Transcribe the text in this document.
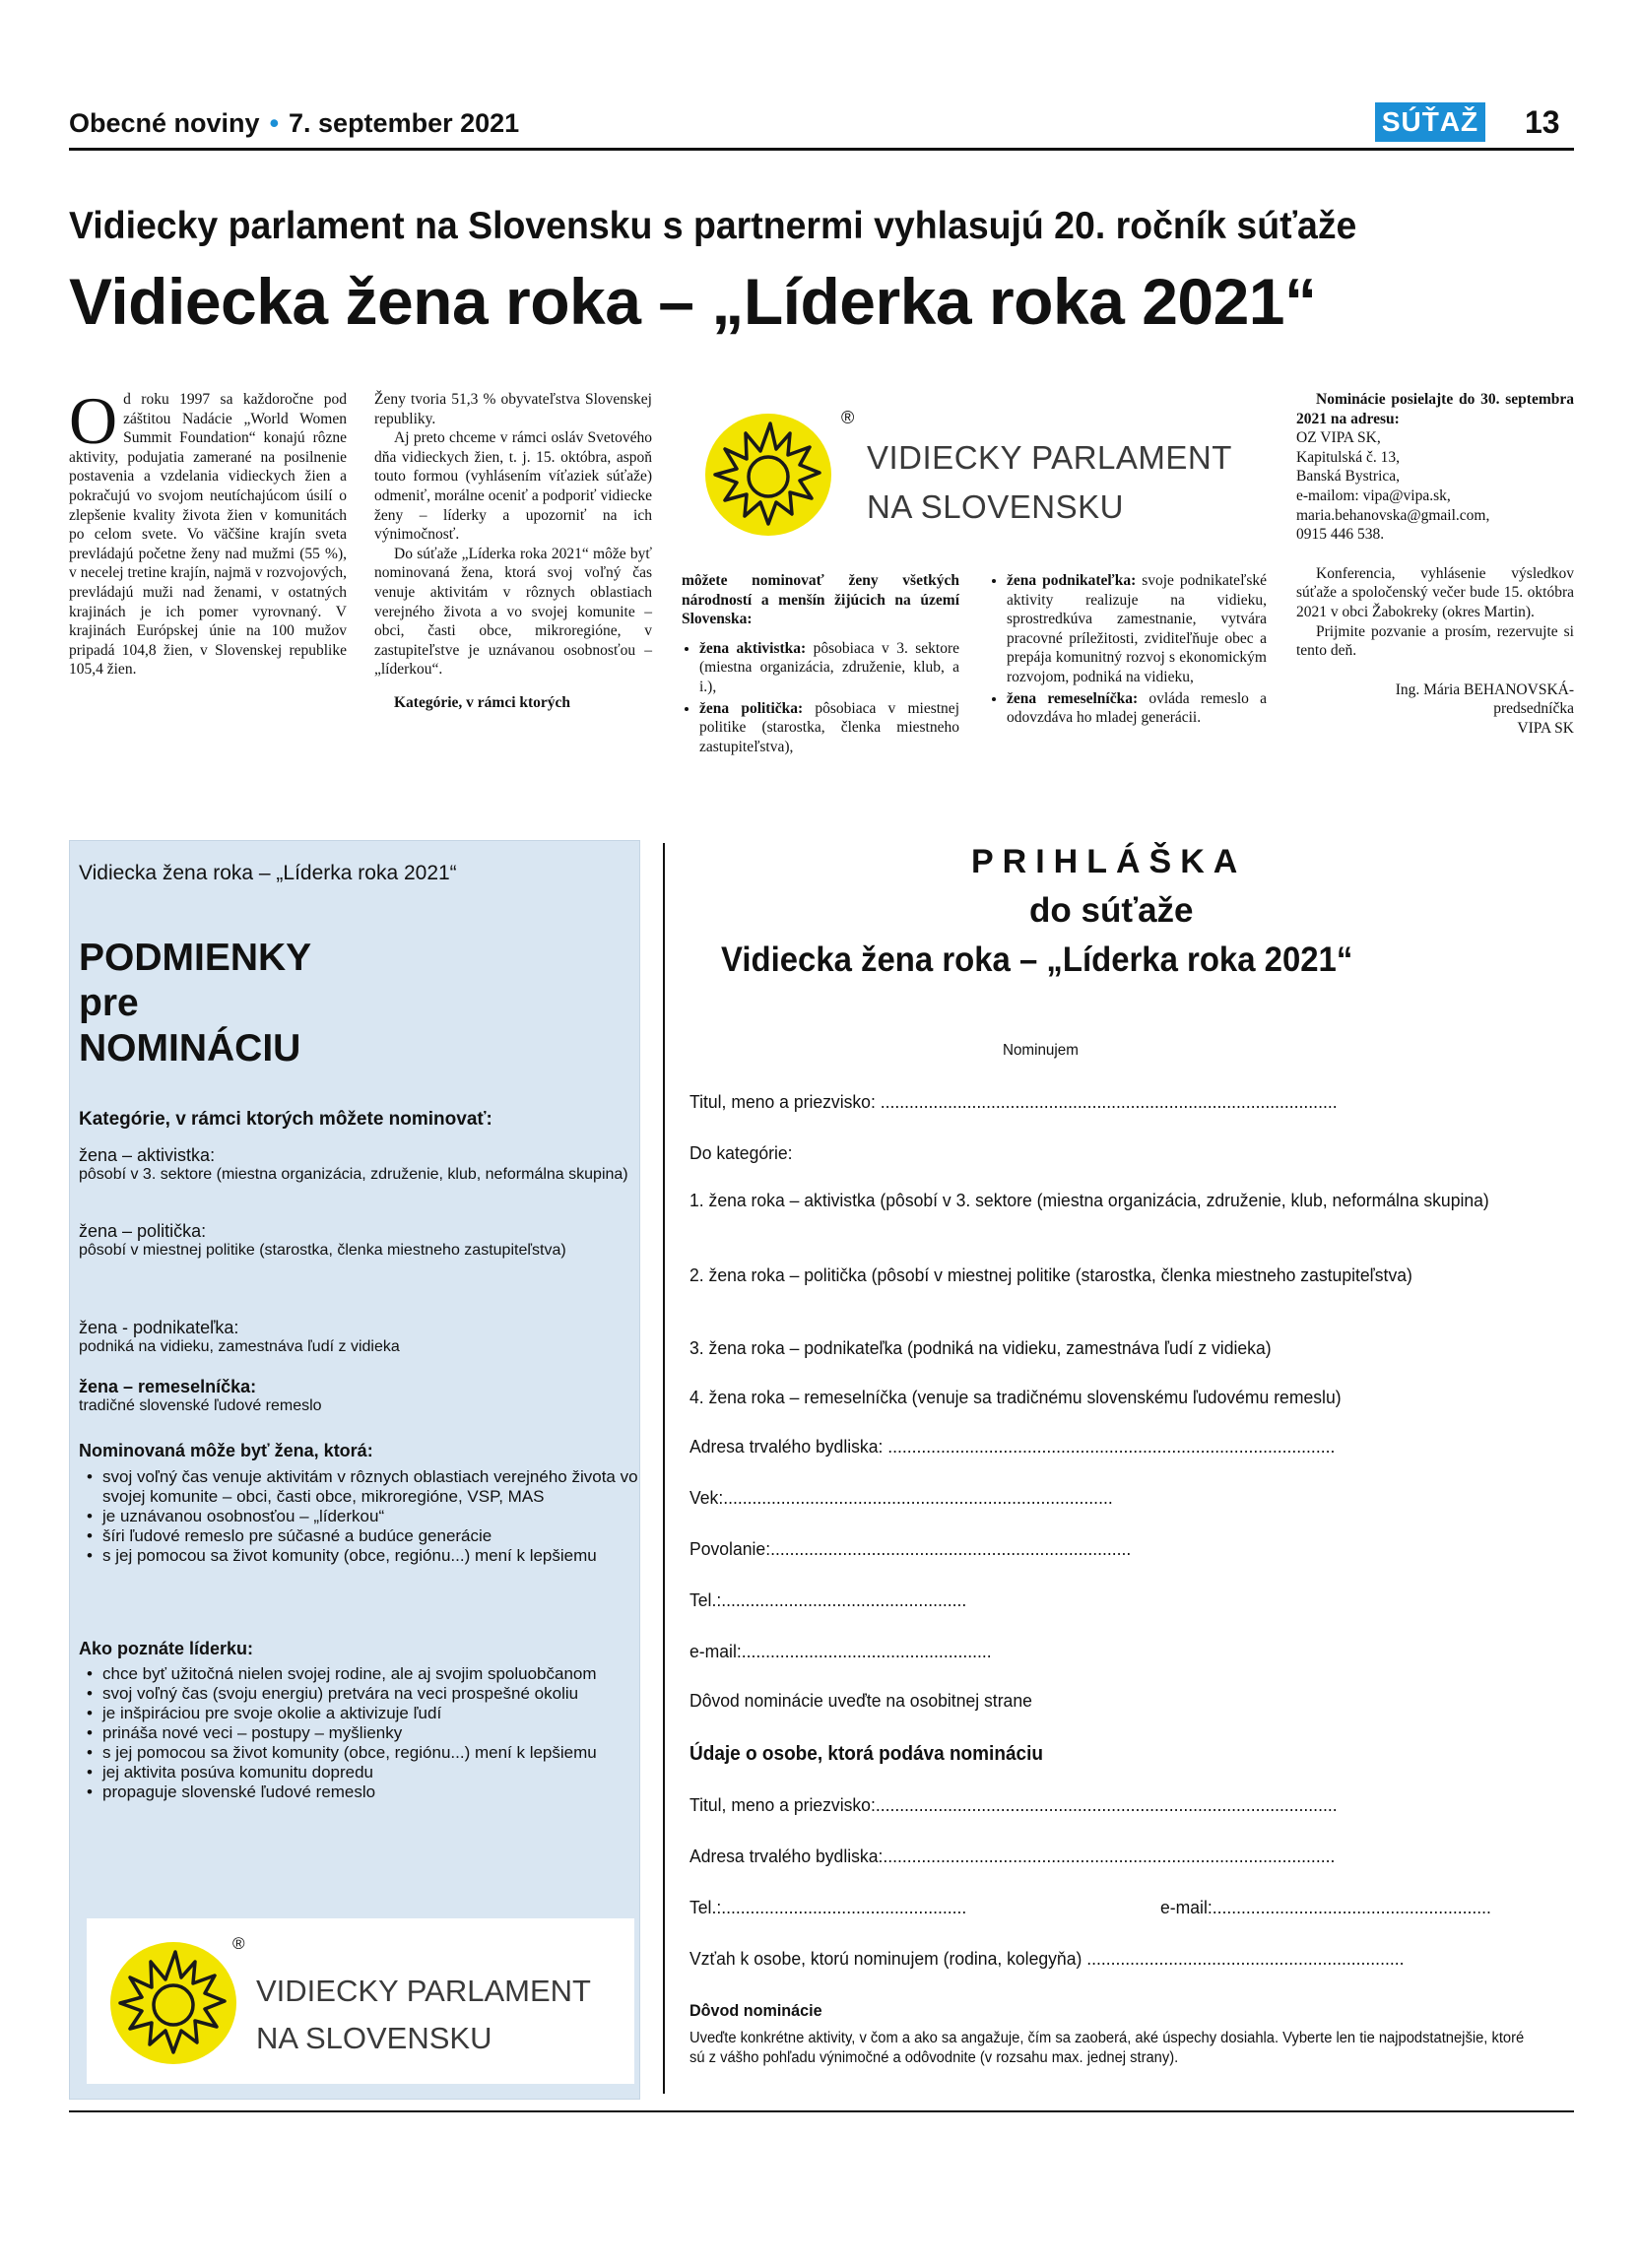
Obecné noviny • 7. september 2021	SÚŤAŽ 13
Vidiecky parlament na Slovensku s partnermi vyhlasujú 20. ročník súťaže
Vidiecka žena roka – „Líderka roka 2021“

Od roku 1997 sa každoročne pod záštitou Nadácie „World Women Summit Foundation“ konajú rôzne aktivity, podujatia zamerané na posilnenie postavenia a vzdelania vidieckych žien a pokračujú vo svojom neutíchajúcom úsilí o zlepšenie kvality života žien v komunitách po celom svete. Vo väčšine krajín sveta prevládajú početne ženy nad mužmi (55 %), v necelej tretine krajín, najmä v rozvojových, prevládajú muži nad ženami, v ostatných krajinách je ich pomer vyrovnaný. V krajinách Európskej únie na 100 mužov pripadá 104,8 žien, v Slovenskej republike 105,4 žien.

Ženy tvoria 51,3 % obyvateľstva Slovenskej republiky.

Aj preto chceme v rámci osláv Svetového dňa vidieckych žien, t. j. 15. októbra, aspoň touto formou (vyhlásením víťaziek súťaže) odmeniť, morálne oceniť a podporiť vidiecke ženy – líderky a upozorniť na ich výnimočnosť.

Do súťaže „Líderka roka 2021“ môže byť nominovaná žena, ktorá svoj voľný čas venuje aktivitám v rôznych oblastiach verejného života a vo svojej komunite – obci, časti obce, mikroregióne, v zastupiteľstve je uznávanou osobnosťou – „líderkou“.

Kategórie, v rámci ktorých

®
VIDIECKY PARLAMENT
NA SLOVENSKU

môžete nominovať ženy všetkých národností a menšín žijúcich na území Slovenska:

• žena aktivistka: pôsobiaca v 3. sektore (miestna organizácia, združenie, klub, a i.),
• žena politička: pôsobiaca v miestnej politike (starostka, členka miestneho zastupiteľstva),
• žena podnikateľka: svoje podnikateľské aktivity realizuje na vidieku, sprostredkúva zamestnanie, vytvára pracovné príležitosti, zviditeľňuje obec a prepája komunitný rozvoj s ekonomickým rozvojom, podniká na vidieku,
• žena remeselníčka: ovláda remeslo a odovzdáva ho mladej generácii.

Nominácie posielajte do 30. septembra 2021 na adresu:

OZ VIPA SK,
Kapitulská č. 13,
Banská Bystrica,
e-mailom: vipa@vipa.sk,
maria.behanovska@gmail.com,
0915 446 538.

Konferencia, vyhlásenie výsledkov súťaže a spoločenský večer bude 15. októbra 2021 v obci Žabokreky (okres Martin).

Prijmite pozvanie a prosím, rezervujte si tento deň.

Ing. Mária BEHANOVSKÁ-
predsedníčka
VIPA SK
Vidiecka žena roka – „Líderka roka 2021“
PODMIENKY
pre
NOMINÁCIU
Kategórie, v rámci ktorých môžete nominovať:
žena – aktivistka:
pôsobí v 3. sektore (miestna organizácia, združenie, klub, neformálna skupina)
žena – političk​a:
pôsobí v miestnej politike (starostka, členka miestneho zastupiteľstva)
žena - podnikateľka:
podniká na vidieku, zamestnáva ľudí z vidieka
žena – remeselníčka:
tradičné slovenské ľudové remeslo
Nominovaná môže byť žena, ktorá:
• svoj voľný čas venuje aktivitám v rôznych oblastiach verejného života vo svojej komunite – obci, časti obce, mikroregióne, VSP, MAS
• je uznávanou osobnosťou – „líderkou“
• šíri ľudové remeslo pre súčasné a budúce generácie
• s jej pomocou sa život komunity (obce, regiónu...) mení k lepšiemu
Ako poznáte líderku:
• chce byť užitočná nielen svojej rodine, ale aj svojim spoluobčanom
• svoj voľný čas (svoju energiu) pretvára na veci prospešné okoliu
• je inšpiráciou pre svoje okolie a aktivizuje ľudí
• prináša nové veci – postupy – myšlienky
• s jej pomocou sa život komunity (obce, regiónu...) mení k lepšiemu
• jej aktivita posúva komunitu dopredu
• propaguje slovenské ľudové remeslo
®
VIDIECKY PARLAMENT
NA SLOVENSKU
PRIHLÁŠKA
do súťaže
Vidiecka žena roka – „Líderka roka 2021“
Nominujem
Titul, meno a priezvisko: ...............................................................................................
Do kategórie:
1. žena roka – aktivistka (pôsobí v 3. sektore (miestna organizácia, združenie, klub, neformálna skupina)
2. žena roka – politička (pôsobí v miestnej politike (starostka, členka miestneho zastupiteľstva)
3. žena roka – podnikateľka (podniká na vidieku, zamestnáva ľudí z vidieka)
4. žena roka – remeselníčka (venuje sa tradičnému slovenskému ľudovému remeslu)
Adresa trvalého bydliska: .............................................................................................
Vek:.................................................................................
Povolanie:...........................................................................
Tel.:...................................................
e-mail:....................................................
Dôvod nominácie uveďte na osobitnej strane
Údaje o osobe, ktorá podáva nomináciu
Titul, meno a priezvisko:................................................................................................
Adresa trvalého bydliska:..............................................................................................
Tel.:...................................................	e-mail:..........................................................
Vzťah k osobe, ktorú nominujem (rodina, kolegyňa) ..................................................................
Dôvod nominácie
Uveďte konkrétne aktivity, v čom a ako sa angažuje, čím sa zaoberá, aké úspechy dosiahla. Vyberte len tie najpodstatnejšie, ktoré sú z vášho pohľadu výnimočné a odôvodnite (v rozsahu max. jednej strany).
